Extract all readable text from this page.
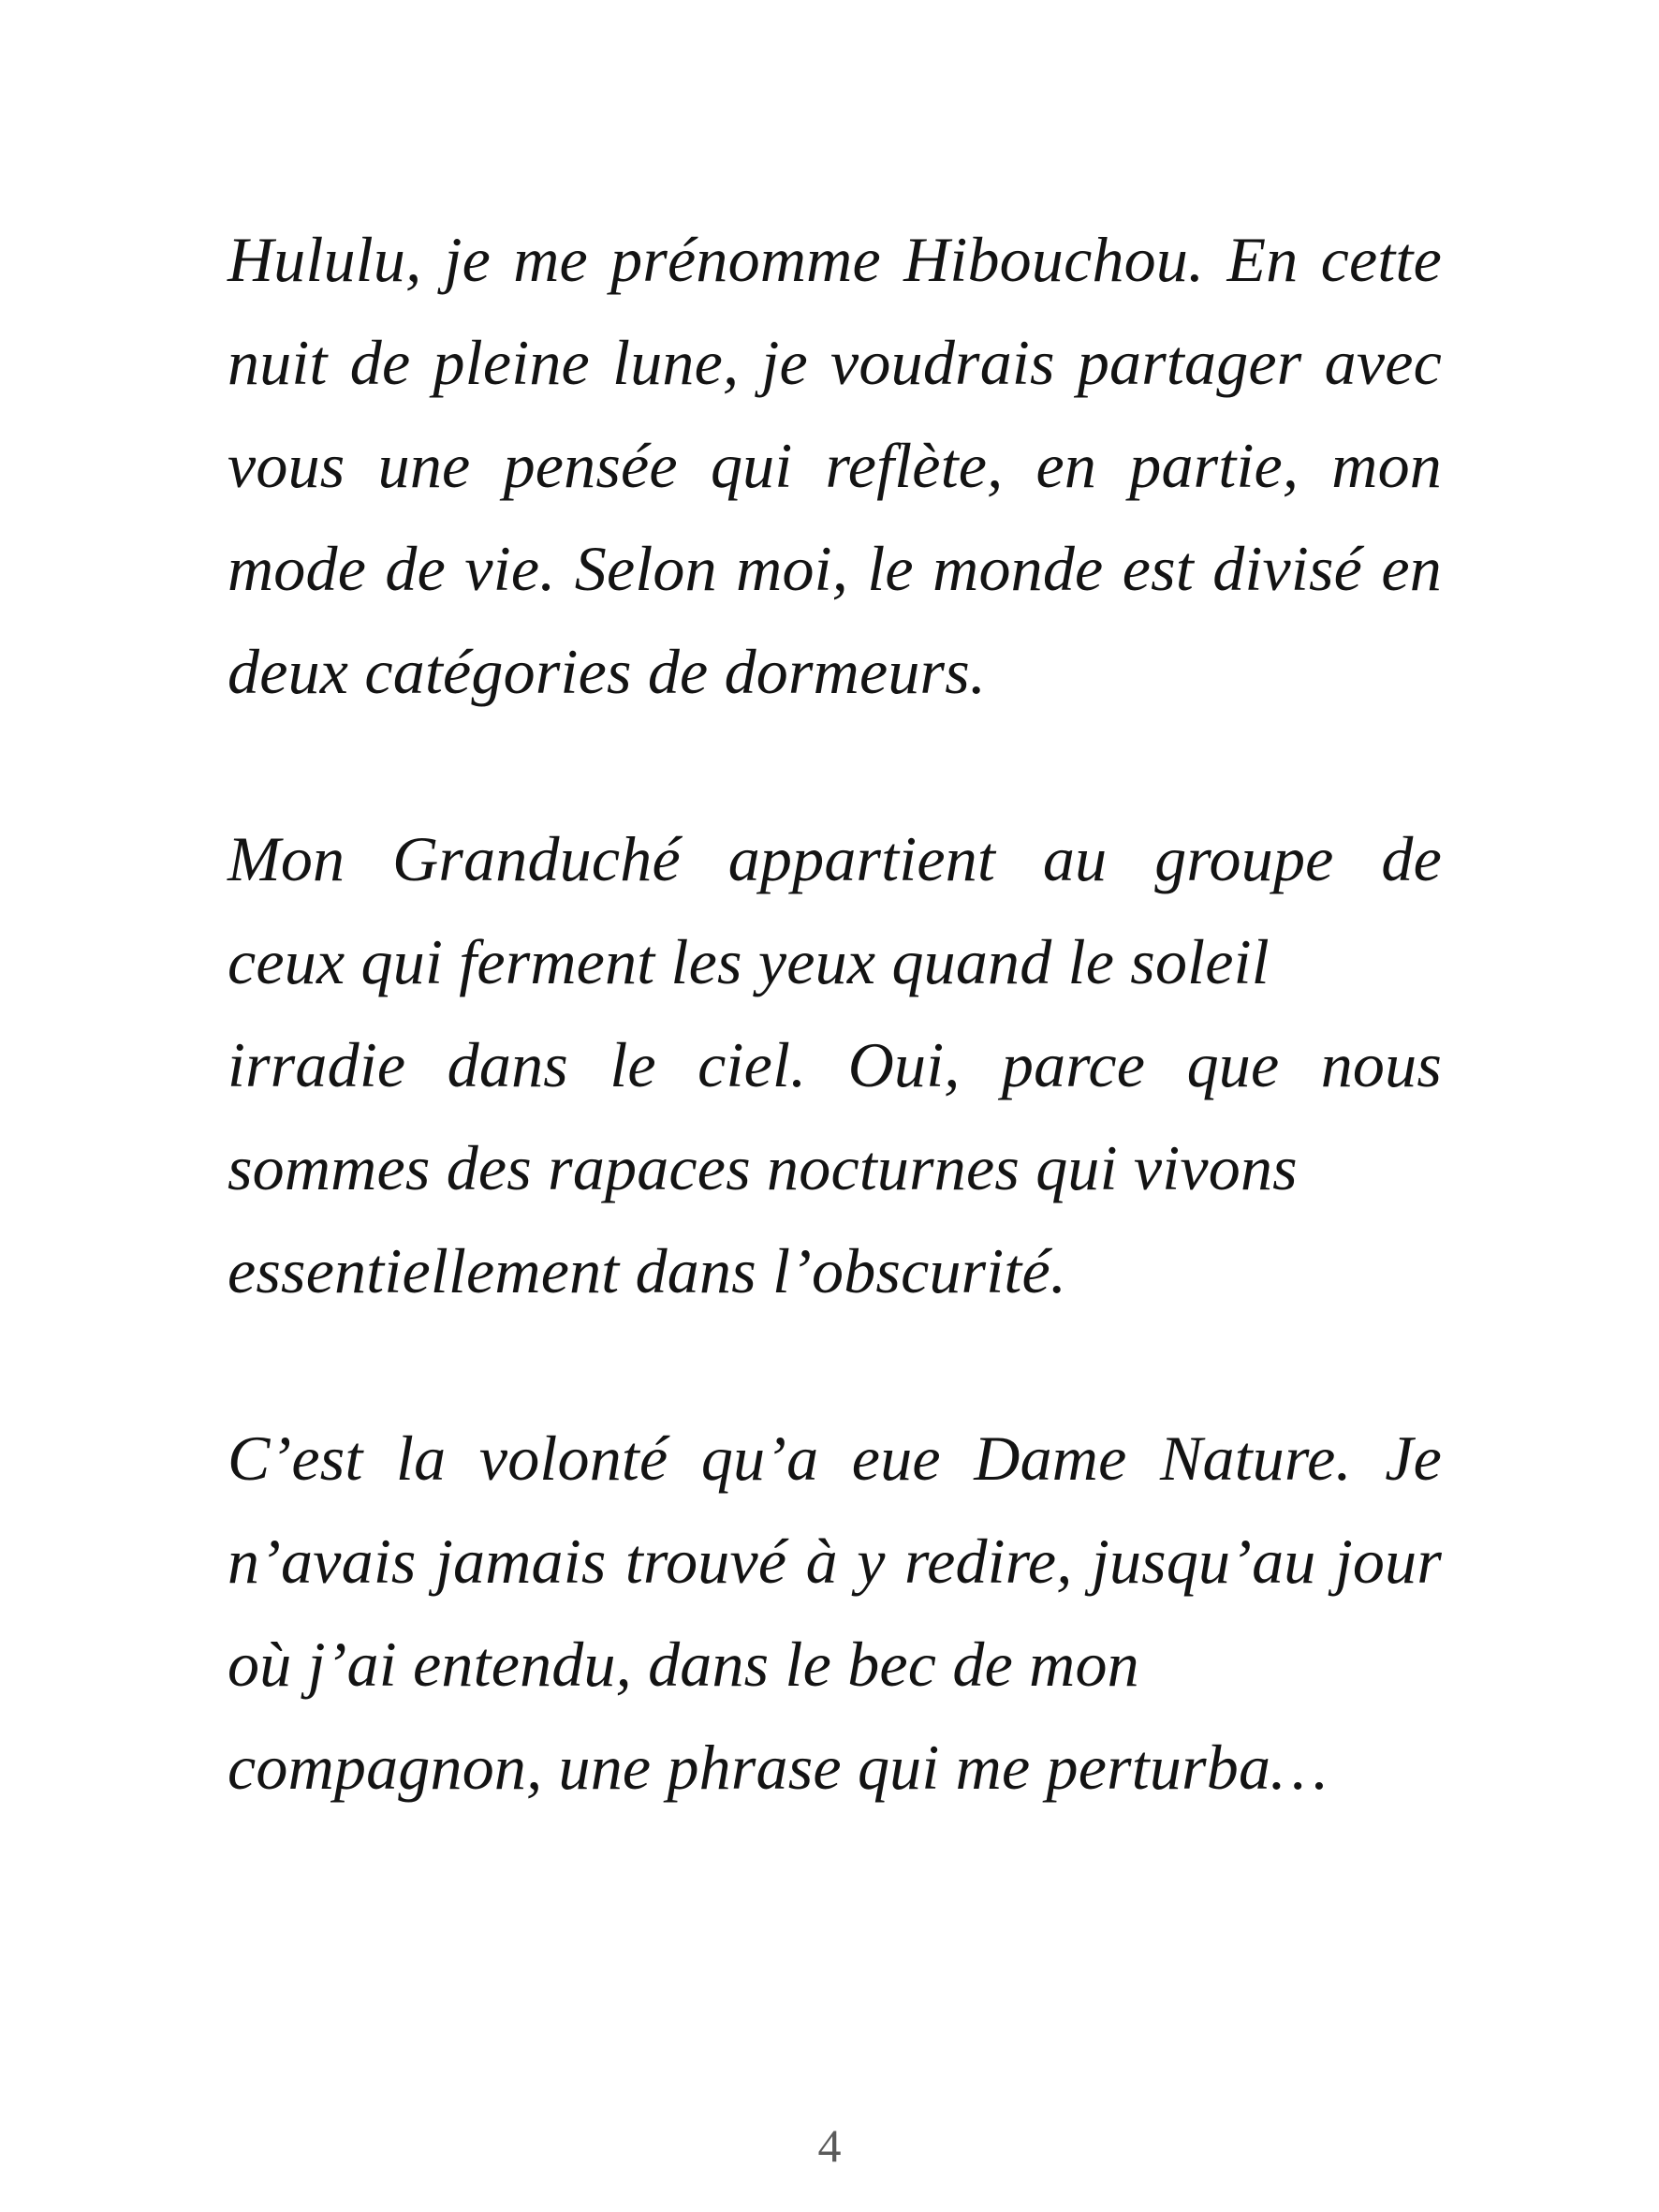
Hululu, je me prénomme Hibouchou. En cette
nuit de pleine lune, je voudrais partager avec
vous une pensée qui reflète, en partie, mon
mode de vie. Selon moi, le monde est divisé en
deux catégories de dormeurs.
Mon Granduché appartient au groupe de
ceux qui ferment les yeux quand le soleil
irradie dans le ciel. Oui, parce que nous
sommes des rapaces nocturnes qui vivons
essentiellement dans l’obscurité.
C’est la volonté qu’a eue Dame Nature. Je
n’avais jamais trouvé à y redire, jusqu’au jour
où j’ai entendu, dans le bec de mon
compagnon, une phrase qui me perturba…
4
